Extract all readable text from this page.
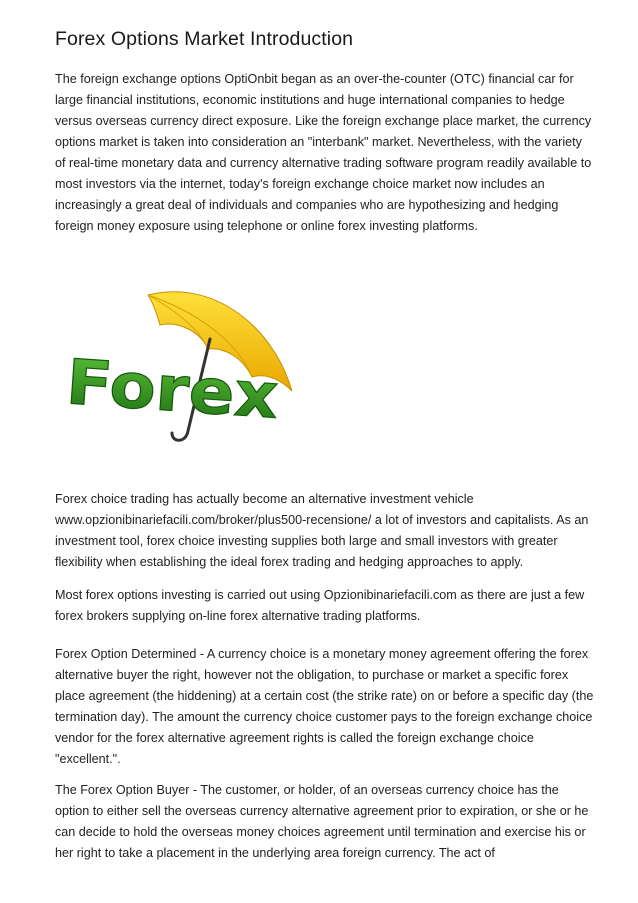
Forex Options Market Introduction

The foreign exchange options OptiOnbit began as an over-the-counter (OTC) financial car for large financial institutions, economic institutions and huge international companies to hedge versus overseas currency direct exposure. Like the foreign exchange place market, the currency options market is taken into consideration an "interbank" market. Nevertheless, with the variety of real-time monetary data and currency alternative trading software program readily available to most investors via the internet, today's foreign exchange choice market now includes an increasingly a great deal of individuals and companies who are hypothesizing and hedging foreign money exposure using telephone or online forex investing platforms.

Forex

Forex choice trading has actually become an alternative investment vehicle www.opzionibinariefacili.com/broker/plus500-recensione/ a lot of investors and capitalists. As an investment tool, forex choice investing supplies both large and small investors with greater flexibility when establishing the ideal forex trading and hedging approaches to apply.

Most forex options investing is carried out using Opzionibinariefacili.com as there are just a few forex brokers supplying on-line forex alternative trading platforms.

Forex Option Determined - A currency choice is a monetary money agreement offering the forex alternative buyer the right, however not the obligation, to purchase or market a specific forex place agreement (the hiddening) at a certain cost (the strike rate) on or before a specific day (the termination day). The amount the currency choice customer pays to the foreign exchange choice vendor for the forex alternative agreement rights is called the foreign exchange choice "excellent.".

The Forex Option Buyer - The customer, or holder, of an overseas currency choice has the option to either sell the overseas currency alternative agreement prior to expiration, or she or he can decide to hold the overseas money choices agreement until termination and exercise his or her right to take a placement in the underlying area foreign currency. The act of
